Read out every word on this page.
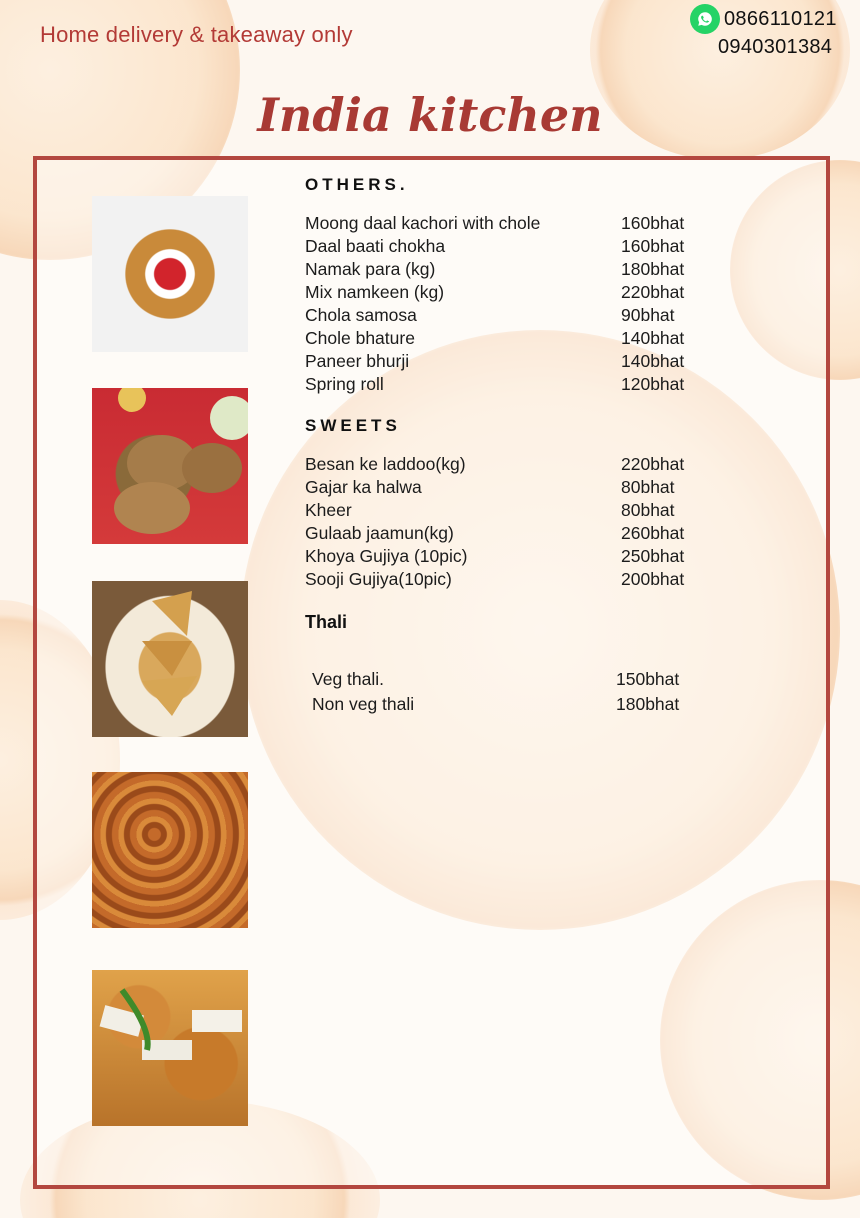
Home delivery & takeaway only
0866110121
0940301384
India kitchen
OTHERS.
Moong daal kachori with chole	160bhat
Daal baati chokha	160bhat
Namak para (kg)	180bhat
Mix namkeen (kg)	220bhat
Chola samosa	90bhat
Chole bhature	140bhat
Paneer bhurji	140bhat
Spring roll	120bhat
SWEETS
Besan ke laddoo(kg)	220bhat
Gajar ka halwa	80bhat
Kheer	80bhat
Gulaab jaamun(kg)	260bhat
Khoya Gujiya (10pic)	250bhat
Sooji Gujiya(10pic)	200bhat
Thali
Veg thali.	150bhat
Non veg thali	180bhat
